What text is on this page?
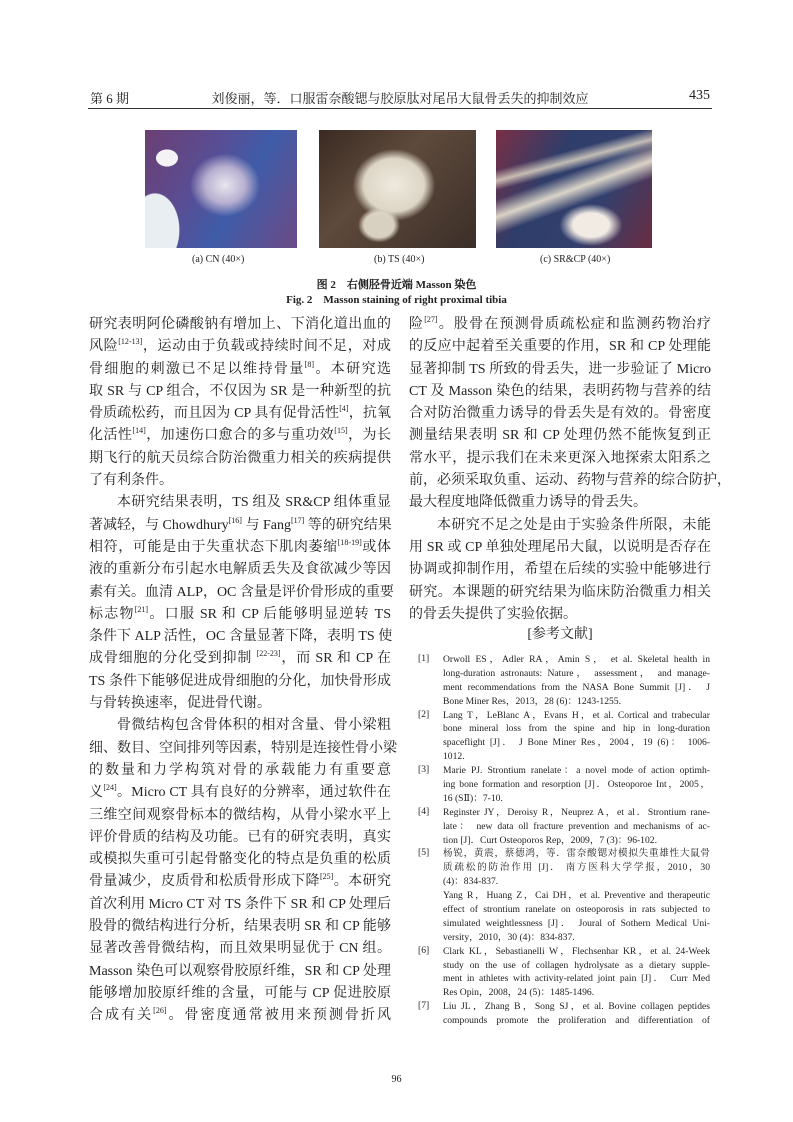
第 6 期	刘俊丽，等．口服雷奈酸锶与胶原肽对尾吊大鼠骨丢失的抑制效应	435
(a) CN (40×)	(b) TS (40×)	(c) SR&CP (40×)
图 2　右侧胫骨近端 Masson 染色
Fig. 2　Masson staining of right proximal tibia
研究表明阿伦磷酸钠有增加上、下消化道出血的
风险[12-13]，运动由于负载或持续时间不足，对成
骨细胞的刺激已不足以维持骨量[8]。本研究选
取 SR 与 CP 组合，不仅因为 SR 是一种新型的抗
骨质疏松药，而且因为 CP 具有促骨活性[4]，抗氧
化活性[14]，加速伤口愈合的多与重功效[15]，为长
期飞行的航天员综合防治微重力相关的疾病提供
了有利条件。
本研究结果表明，TS 组及 SR&CP 组体重显
著减轻，与 Chowdhury[16] 与 Fang[17] 等的研究结果
相符，可能是由于失重状态下肌肉萎缩[18-19]或体
液的重新分布引起水电解质丢失及食欲减少等因
素有关。血清 ALP，OC 含量是评价骨形成的重要
标志物[21]。口服 SR 和 CP 后能够明显逆转 TS
条件下 ALP 活性，OC 含量显著下降，表明 TS 使
成骨细胞的分化受到抑制 [22-23]，而 SR 和 CP 在
TS 条件下能够促进成骨细胞的分化，加快骨形成
与骨转换速率，促进骨代谢。
骨微结构包含骨体积的相对含量、骨小梁粗
细、数目、空间排列等因素，特别是连接性骨小梁
的数量和力学构筑对骨的承载能力有重要意
义[24]。Micro CT 具有良好的分辨率，通过软件在
三维空间观察骨标本的微结构，从骨小梁水平上
评价骨质的结构及功能。已有的研究表明，真实
或模拟失重可引起骨骼变化的特点是负重的松质
骨量减少，皮质骨和松质骨形成下降[25]。本研究
首次利用 Micro CT 对 TS 条件下 SR 和 CP 处理后
股骨的微结构进行分析，结果表明 SR 和 CP 能够
显著改善骨微结构，而且效果明显优于 CN 组。
Masson 染色可以观察骨胶原纤维，SR 和 CP 处理
能够增加胶原纤维的含量，可能与 CP 促进胶原
合成有关[26]。骨密度通常被用来预测骨折风
险[27]。股骨在预测骨质疏松症和监测药物治疗
的反应中起着至关重要的作用，SR 和 CP 处理能
显著抑制 TS 所致的骨丢失，进一步验证了 Micro
CT 及 Masson 染色的结果，表明药物与营养的结
合对防治微重力诱导的骨丢失是有效的。骨密度
测量结果表明 SR 和 CP 处理仍然不能恢复到正
常水平，提示我们在未来更深入地探索太阳系之
前，必须采取负重、运动、药物与营养的综合防护，
最大程度地降低微重力诱导的骨丢失。
本研究不足之处是由于实验条件所限，未能
用 SR 或 CP 单独处理尾吊大鼠，以说明是否存在
协调或抑制作用，希望在后续的实验中能够进行
研究。本课题的研究结果为临床防治微重力相关
的骨丢失提供了实验依据。
[参考文献]
[1] Orwoll ES，Adler RA，Amin S， et al. Skeletal health in
long-duration astronauts: Nature， assessment， and manage-
ment recommendations from the NASA Bone Summit [J]． J
Bone Miner Res，2013，28 (6)：1243-1255.
[2] Lang T，LeBlanc A，Evans H，et al. Cortical and trabecular
bone mineral loss from the spine and hip in long-duration
spaceflight [J]． J Bone Miner Res，2004，19 (6)： 1006-
1012.
[3] Marie PJ. Strontium ranelate：a novel mode of action optimh-
ing bone formation and resorption [J]．Osteoporoe Int，2005，
16 (SⅡ)：7-10.
[4] Reginster JY，Deroisy R，Neuprez A，et al．Strontium rane-
late： new data oll fracture prevention and mechanisms of ac-
tion [J]．Curt Osteoporos Rep，2009，7 (3)：96-102.
[5] 杨锐，黄震，蔡德鸿，等．雷奈酸锶对模拟失重雄性大鼠骨
质疏松的防治作用 [J]． 南方医科大学学报，2010，30
(4)：834-837.
Yang R，Huang Z，Cai DH，et al. Preventive and therapeutic
effect of strontium ranelate on osteoporosis in rats subjected to
simulated weightlessness [J]． Joural of Sothern Medical Uni-
versity，2010，30 (4)：834-837.
[6] Clark KL，Sebastianelli W，Flechsenhar KR，et al. 24-Week
study on the use of collagen hydrolysate as a dietary supple-
ment in athletes with activity-related joint pain [J]． Curr Med
Res Opin，2008，24 (5)：1485-1496.
[7] Liu JL，Zhang B，Song SJ，et al. Bovine collagen peptides
compounds promote the proliferation and differentiation of
96
